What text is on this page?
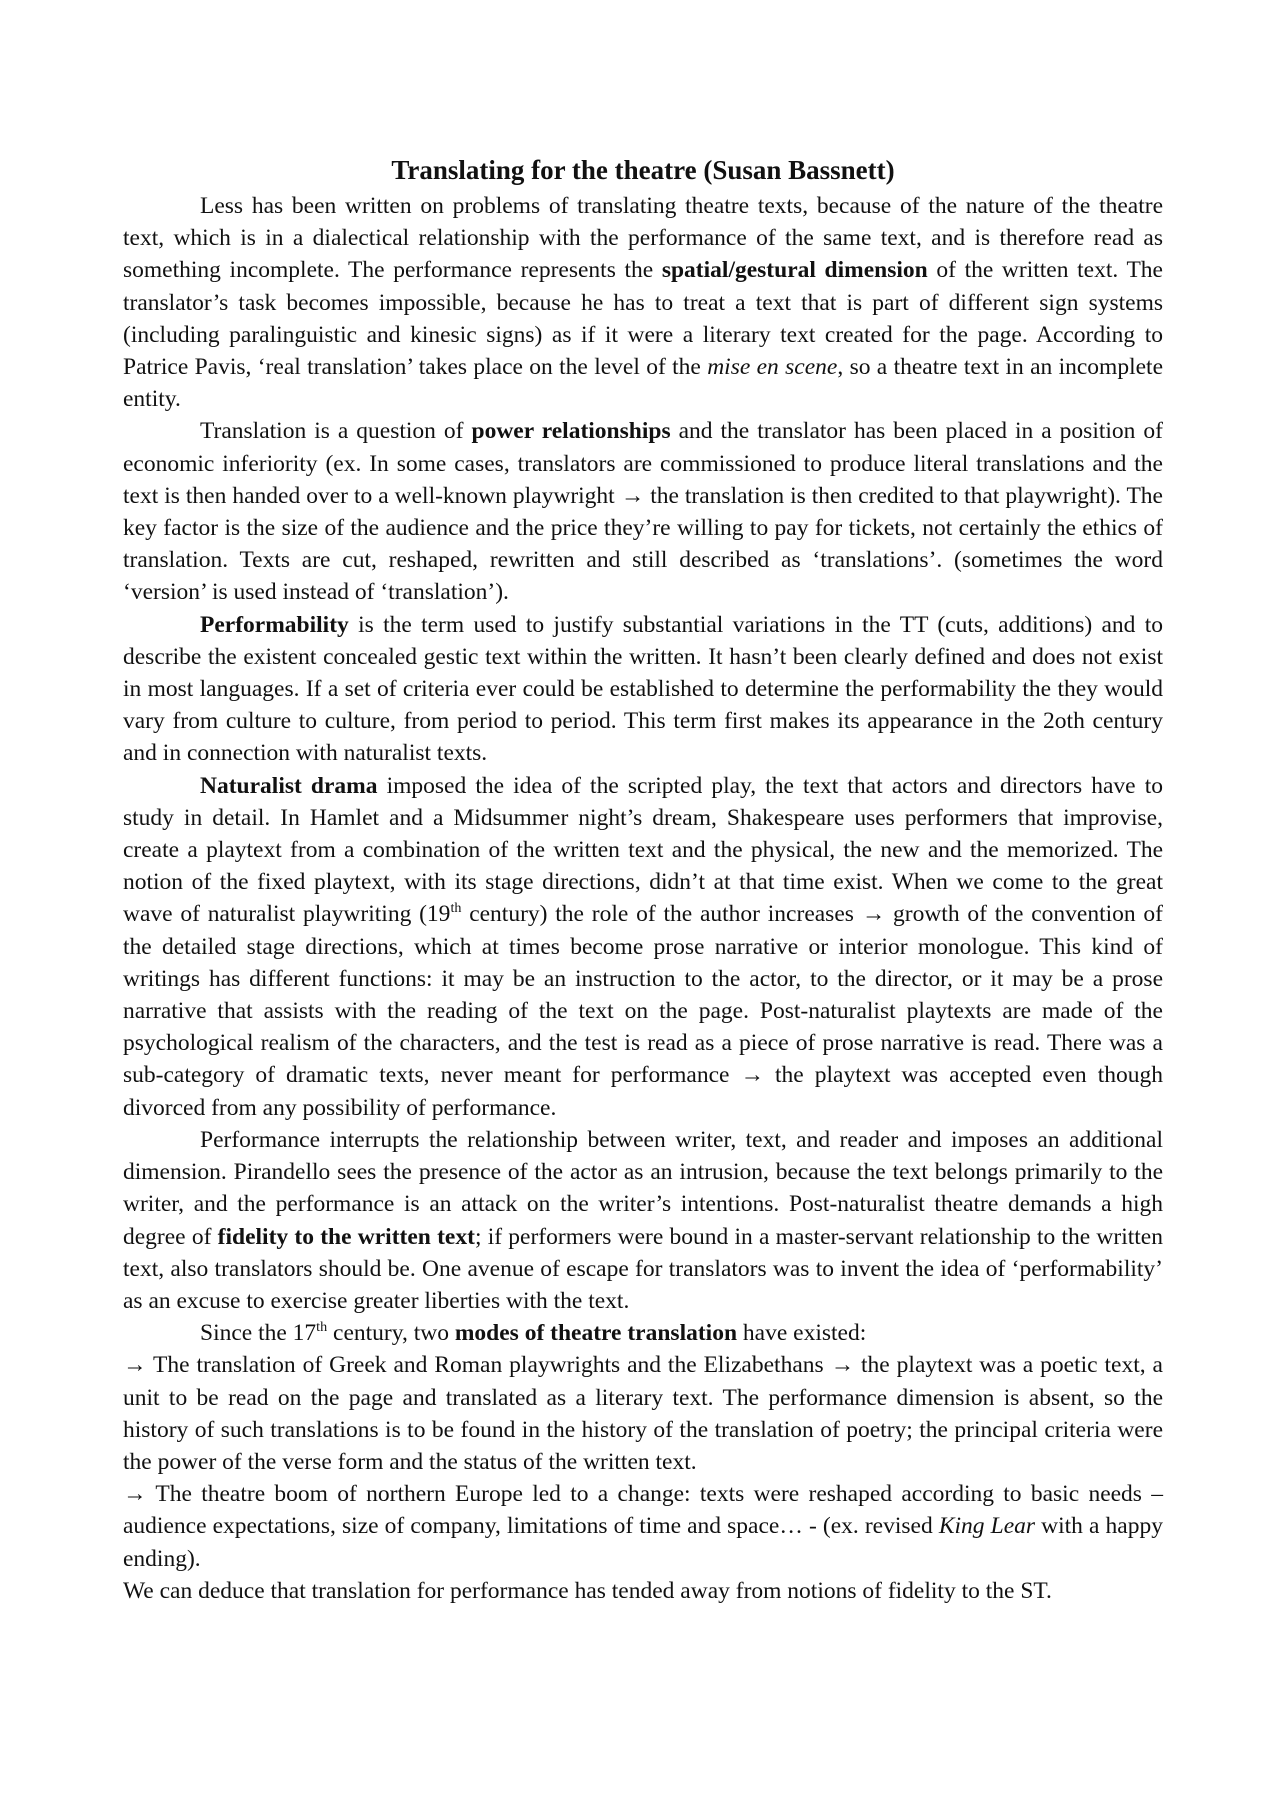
Translating for the theatre (Susan Bassnett)

Less has been written on problems of translating theatre texts, because of the nature of the theatre text, which is in a dialectical relationship with the performance of the same text, and is therefore read as something incomplete. The performance represents the spatial/gestural dimension of the written text. The translator’s task becomes impossible, because he has to treat a text that is part of different sign systems (including paralinguistic and kinesic signs) as if it were a literary text created for the page. According to Patrice Pavis, ‘real translation’ takes place on the level of the mise en scene, so a theatre text in an incomplete entity.

Translation is a question of power relationships and the translator has been placed in a position of economic inferiority (ex. In some cases, translators are commissioned to produce literal translations and the text is then handed over to a well-known playwright → the translation is then credited to that playwright). The key factor is the size of the audience and the price they’re willing to pay for tickets, not certainly the ethics of translation. Texts are cut, reshaped, rewritten and still described as ‘translations’. (sometimes the word ‘version’ is used instead of ‘translation’).

Performability is the term used to justify substantial variations in the TT (cuts, additions) and to describe the existent concealed gestic text within the written. It hasn’t been clearly defined and does not exist in most languages. If a set of criteria ever could be established to determine the performability the they would vary from culture to culture, from period to period. This term first makes its appearance in the 2oth century and in connection with naturalist texts.

Naturalist drama imposed the idea of the scripted play, the text that actors and directors have to study in detail. In Hamlet and a Midsummer night’s dream, Shakespeare uses performers that improvise, create a playtext from a combination of the written text and the physical, the new and the memorized. The notion of the fixed playtext, with its stage directions, didn’t at that time exist. When we come to the great wave of naturalist playwriting (19th century) the role of the author increases → growth of the convention of the detailed stage directions, which at times become prose narrative or interior monologue. This kind of writings has different functions: it may be an instruction to the actor, to the director, or it may be a prose narrative that assists with the reading of the text on the page. Post-naturalist playtexts are made of the psychological realism of the characters, and the test is read as a piece of prose narrative is read. There was a sub-category of dramatic texts, never meant for performance → the playtext was accepted even though divorced from any possibility of performance.

Performance interrupts the relationship between writer, text, and reader and imposes an additional dimension. Pirandello sees the presence of the actor as an intrusion, because the text belongs primarily to the writer, and the performance is an attack on the writer’s intentions. Post-naturalist theatre demands a high degree of fidelity to the written text; if performers were bound in a master-servant relationship to the written text, also translators should be. One avenue of escape for translators was to invent the idea of ‘performability’ as an excuse to exercise greater liberties with the text.

Since the 17th century, two modes of theatre translation have existed:

→ The translation of Greek and Roman playwrights and the Elizabethans → the playtext was a poetic text, a unit to be read on the page and translated as a literary text. The performance dimension is absent, so the history of such translations is to be found in the history of the translation of poetry; the principal criteria were the power of the verse form and the status of the written text.

→ The theatre boom of northern Europe led to a change: texts were reshaped according to basic needs – audience expectations, size of company, limitations of time and space… - (ex. revised King Lear with a happy ending).

We can deduce that translation for performance has tended away from notions of fidelity to the ST.
